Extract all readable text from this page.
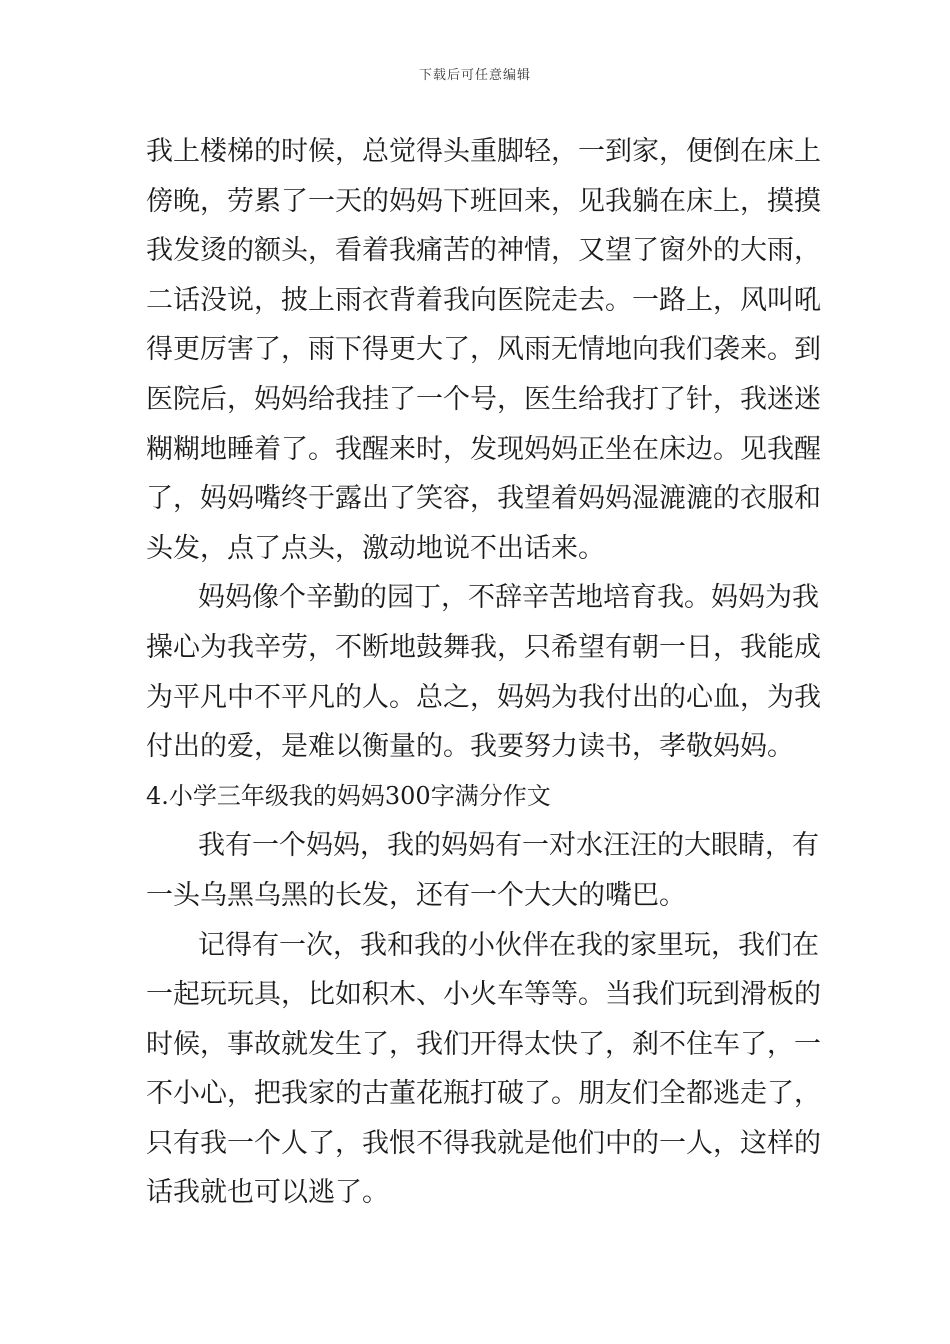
下载后可任意编辑
我上楼梯的时候，总觉得头重脚轻，一到家，便倒在床上
傍晚，劳累了一天的妈妈下班回来，见我躺在床上，摸摸
我发烫的额头，看着我痛苦的神情，又望了窗外的大雨，
二话没说，披上雨衣背着我向医院走去。一路上，风叫吼
得更厉害了，雨下得更大了，风雨无情地向我们袭来。到
医院后，妈妈给我挂了一个号，医生给我打了针，我迷迷
糊糊地睡着了。我醒来时，发现妈妈正坐在床边。见我醒
了，妈妈嘴终于露出了笑容，我望着妈妈湿漉漉的衣服和
头发，点了点头，激动地说不出话来。
妈妈像个辛勤的园丁，不辞辛苦地培育我。妈妈为我
操心为我辛劳，不断地鼓舞我，只希望有朝一日，我能成
为平凡中不平凡的人。总之，妈妈为我付出的心血，为我
付出的爱，是难以衡量的。我要努力读书，孝敬妈妈。
4.小学三年级我的妈妈300字满分作文
我有一个妈妈，我的妈妈有一对水汪汪的大眼睛，有
一头乌黑乌黑的长发，还有一个大大的嘴巴。
记得有一次，我和我的小伙伴在我的家里玩，我们在
一起玩玩具，比如积木、小火车等等。当我们玩到滑板的
时候，事故就发生了，我们开得太快了，刹不住车了，一
不小心，把我家的古董花瓶打破了。朋友们全都逃走了，
只有我一个人了，我恨不得我就是他们中的一人，这样的
话我就也可以逃了。
